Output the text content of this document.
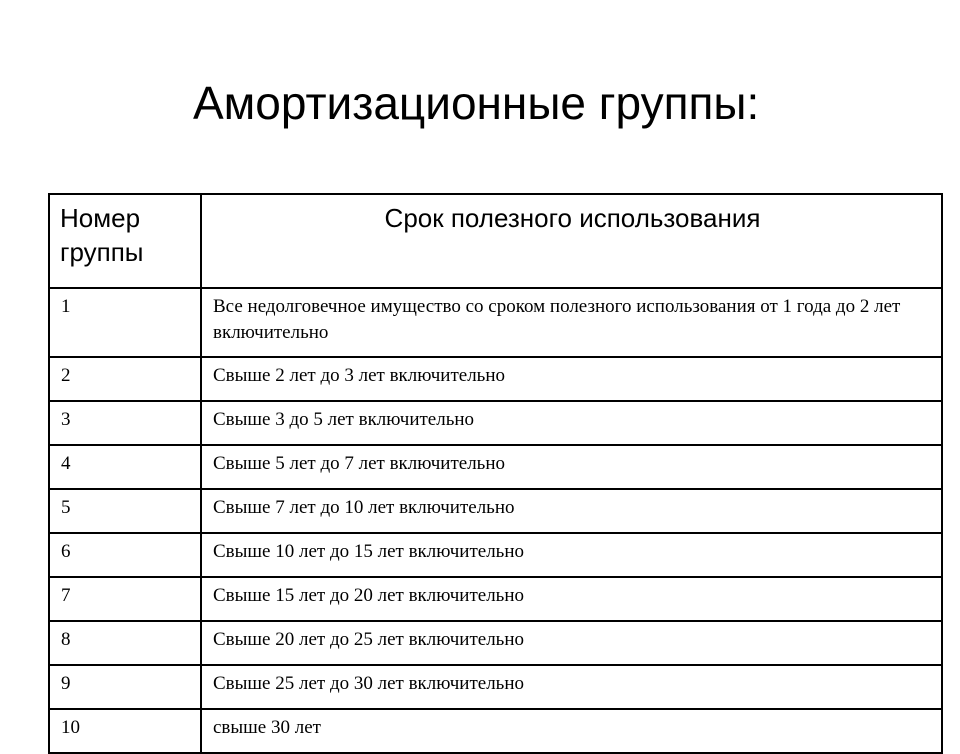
Амортизационные группы:
Номер группы	Срок полезного использования
1	Все недолговечное имущество со сроком полезного использования от 1 года до 2 лет включительно
2	Свыше 2 лет до 3 лет включительно
3	Свыше 3 до 5 лет включительно
4	Свыше 5 лет до 7 лет включительно
5	Свыше 7 лет до 10 лет включительно
6	Свыше 10 лет до 15 лет включительно
7	Свыше 15 лет до 20 лет включительно
8	Свыше 20 лет до 25 лет включительно
9	Свыше 25 лет до 30 лет включительно
10	свыше 30 лет
